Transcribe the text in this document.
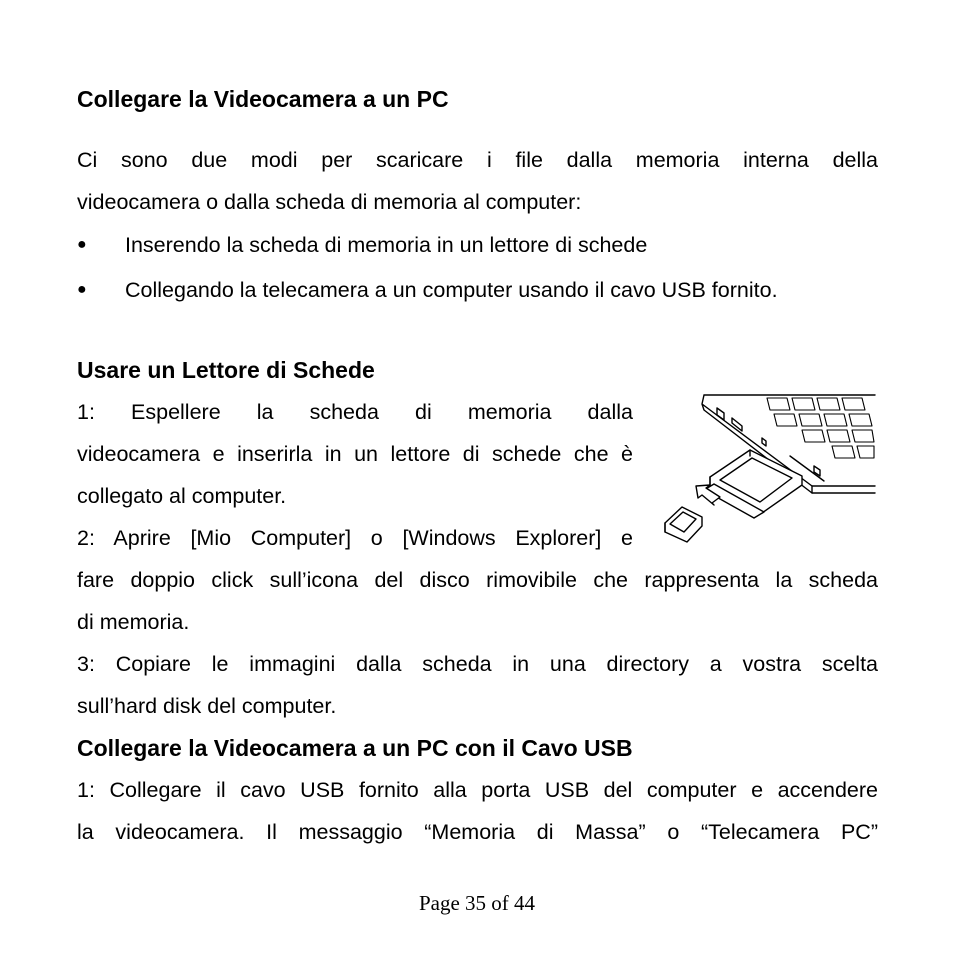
Collegare la Videocamera a un PC

Ci sono due modi per scaricare i file dalla memoria interna della

videocamera o dalla scheda di memoria al computer:

●	Inserendo la scheda di memoria in un lettore di schede
●	Collegando la telecamera a un computer usando il cavo USB fornito.
Usare un Lettore di Schede

1: Espellere la scheda di memoria dalla

videocamera e inserirla in un lettore di schede che è

collegato al computer.

2: Aprire [Mio Computer] o [Windows Explorer] e

fare doppio click sull’icona del disco rimovibile che rappresenta la scheda

di memoria.

3: Copiare le immagini dalla scheda in una directory a vostra scelta

sull’hard disk del computer.

Collegare la Videocamera a un PC con il Cavo USB

1: Collegare il cavo USB fornito alla porta USB del computer e accendere

la videocamera. Il messaggio “Memoria di Massa” o “Telecamera PC”

Page 35 of 44
